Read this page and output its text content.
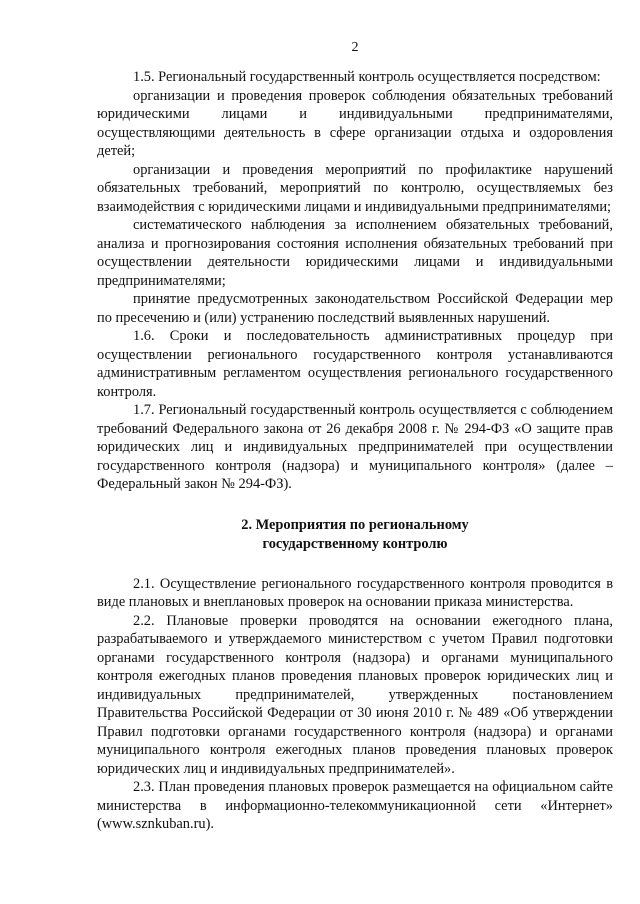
2

1.5. Региональный государственный контроль осуществляется посредством:

организации и проведения проверок соблюдения обязательных требований юридическими лицами и индивидуальными предпринимателями, осуществляющими деятельность в сфере организации отдыха и оздоровления детей;

организации и проведения мероприятий по профилактике нарушений обязательных требований, мероприятий по контролю, осуществляемых без взаимодействия с юридическими лицами и индивидуальными предпринимателями;

систематического наблюдения за исполнением обязательных требований, анализа и прогнозирования состояния исполнения обязательных требований при осуществлении деятельности юридическими лицами и индивидуальными предпринимателями;

принятие предусмотренных законодательством Российской Федерации мер по пресечению и (или) устранению последствий выявленных нарушений.

1.6. Сроки и последовательность административных процедур при осуществлении регионального государственного контроля устанавливаются административным регламентом осуществления регионального государственного контроля.

1.7. Региональный государственный контроль осуществляется с соблюдением требований Федерального закона от 26 декабря 2008 г. № 294-ФЗ «О защите прав юридических лиц и индивидуальных предпринимателей при осуществлении государственного контроля (надзора) и муниципального контроля» (далее – Федеральный закон № 294-ФЗ).

2. Мероприятия по региональному

государственному контролю

2.1. Осуществление регионального государственного контроля проводится в виде плановых и внеплановых проверок на основании приказа министерства.

2.2. Плановые проверки проводятся на основании ежегодного плана, разрабатываемого и утверждаемого министерством с учетом Правил подготовки органами государственного контроля (надзора) и органами муниципального контроля ежегодных планов проведения плановых проверок юридических лиц и индивидуальных предпринимателей, утвержденных постановлением Правительства Российской Федерации от 30 июня 2010 г. № 489 «Об утверждении Правил подготовки органами государственного контроля (надзора) и органами муниципального контроля ежегодных планов проведения плановых проверок юридических лиц и индивидуальных предпринимателей».

2.3. План проведения плановых проверок размещается на официальном сайте министерства в информационно-телекоммуникационной сети «Интернет» (www.sznkuban.ru).
